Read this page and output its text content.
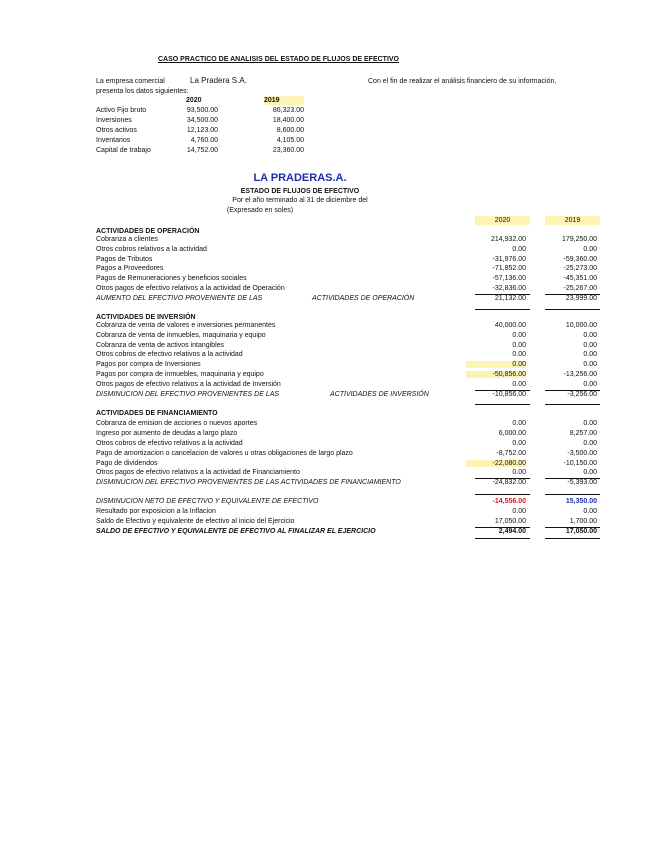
CASO PRACTICO DE ANALISIS DEL ESTADO DE FLUJOS DE EFECTIVO
La empresa comercial	La Pradera S.A.	Con el fin de realizar el análisis financiero de su información,
presenta los datos siguientes:
2020	2019
Activo Fijo bruto	93,500.00	86,323.00
Inversiones	34,500.00	18,400.00
Otros activos	12,123.00	8,600.00
Inventarios	4,760.00	4,105.00
Capital de trabajo	14,752.00	23,360.00
LA PRADERAS.A.
ESTADO DE FLUJOS DE EFECTIVO
Por el año terminado al 31 de diciembre del
(Expresado en soles)
2020	2019
ACTIVIDADES DE OPERACIÓN
Cobranza a clientes	214,932.00	179,250.00
Otros cobros relativos a la actividad	0.00	0.00
Pagos de Tributos	-31,976.00	-59,360.00
Pagos a Proveedores	-71,852.00	-25,273.00
Pagos de Remuneraciones y beneficios sociales	-57,136.00	-45,351.00
Otros pagos de efectivo relativos a la actividad de Operación	-32,836.00	-25,267.00
AUMENTO DEL EFECTIVO PROVENIENTE DE LAS	ACTIVIDADES DE OPERACIÓN	21,132.00	23,999.00
ACTIVIDADES DE INVERSIÓN
Cobranza de venta de valores e inversiones permanentes	40,000.00	10,000.00
Cobranza de venta de inmuebles, maquinaria y equipo	0.00	0.00
Cobranza de venta de activos intangibles	0.00	0.00
Otros cobros de efectivo relativos a la actividad	0.00	0.00
Pagos por compra de Inversiones	0.00	0.00
Pagos por compra de inmuebles, maquinaria y equipo	-50,856.00	-13,256.00
Otros pagos de efectivo relativos a la actividad de Inversión	0.00	0.00
DISMINUCION DEL EFECTIVO PROVENIENTES DE LAS	ACTIVIDADES DE INVERSIÓN	-10,856.00	-3,256.00
ACTIVIDADES DE FINANCIAMIENTO
Cobranza de emision de acciones o nuevos aportes	0.00	0.00
Ingreso por aumento de deudas a largo plazo	6,000.00	8,257.00
Otros cobros de efectivo relativos a la actividad	0.00	0.00
Pago de amortizacion o cancelacion de valores u otras obligaciones de largo plazo	-8,752.00	-3,500.00
Pago de dividendos	-22,080.00	-10,150.00
Otros pagos de efectivo relativos a la actividad de Financiamiento	0.00	0.00
DISMINUCION DEL EFECTIVO PROVENIENTES DE LAS ACTIVIDADES DE FINANCIAMIENTO	-24,832.00	-5,393.00
DISMINUCION NETO DE EFECTIVO Y EQUIVALENTE DE EFECTIVO	-14,556.00	15,350.00
Resultado por exposicion a la Inflacion	0.00	0.00
Saldo de Efectivo y equivalente de efectivo al inicio del Ejercicio	17,050.00	1,700.00
SALDO DE EFECTIVO Y EQUIVALENTE DE EFECTIVO AL FINALIZAR EL EJERCICIO	2,494.00	17,050.00
